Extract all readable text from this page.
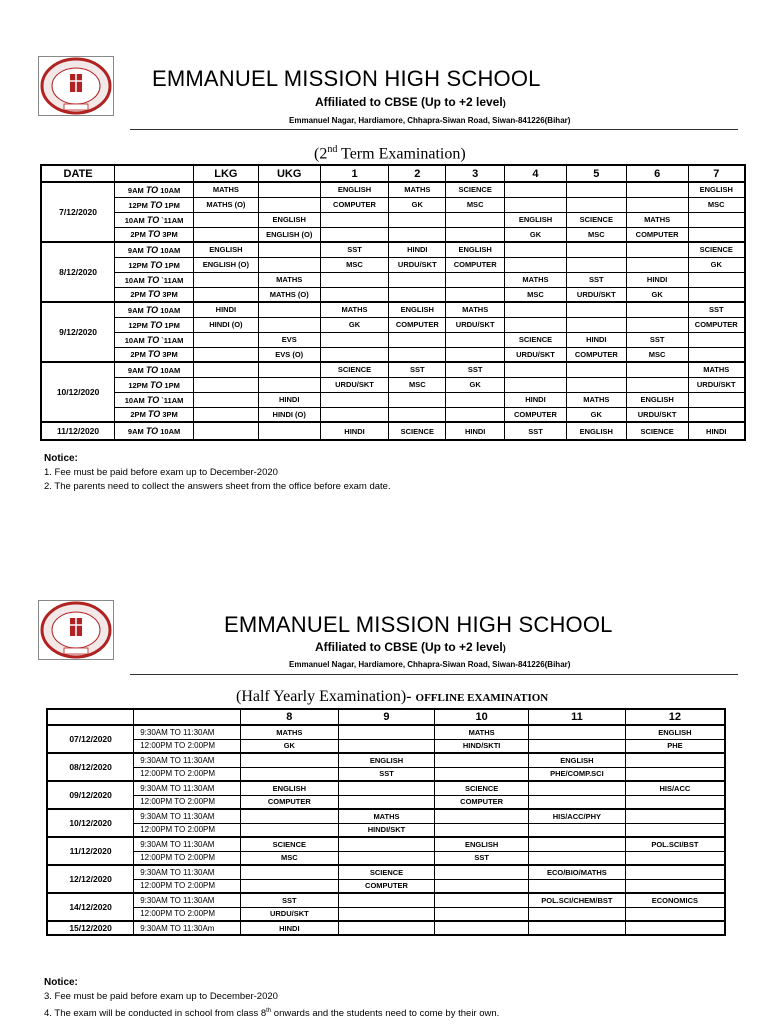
EMMANUEL MISSION HIGH SCHOOL
Affiliated to CBSE (Up to +2 level)
Emmanuel Nagar, Hardiamore, Chhapra-Siwan Road, Siwan-841226(Bihar)
(2nd Term Examination)
DATE		LKG	UKG	1	2	3	4	5	6	7
7/12/2020	9AM TO 10AM	MATHS		ENGLISH	MATHS	SCIENCE				ENGLISH
	12PM TO 1PM	MATHS (O)		COMPUTER	GK	MSC				MSC
	10AM TO `11AM		ENGLISH				ENGLISH	SCIENCE	MATHS	
	2PM TO 3PM		ENGLISH (O)				GK	MSC	COMPUTER	
8/12/2020	9AM TO 10AM	ENGLISH		SST	HINDI	ENGLISH				SCIENCE
	12PM TO 1PM	ENGLISH (O)		MSC	URDU/SKT	COMPUTER				GK
	10AM TO `11AM		MATHS				MATHS	SST	HINDI	
	2PM TO 3PM		MATHS (O)				MSC	URDU/SKT	GK	
9/12/2020	9AM TO 10AM	HINDI		MATHS	ENGLISH	MATHS				SST
	12PM TO 1PM	HINDI (O)		GK	COMPUTER	URDU/SKT				COMPUTER
	10AM TO `11AM		EVS				SCIENCE	HINDI	SST	
	2PM TO 3PM		EVS (O)				URDU/SKT	COMPUTER	MSC	
10/12/2020	9AM TO 10AM			SCIENCE	SST	SST				MATHS
	12PM TO 1PM			URDU/SKT	MSC	GK				URDU/SKT
	10AM TO `11AM		HINDI				HINDI	MATHS	ENGLISH	
	2PM TO 3PM		HINDI (O)				COMPUTER	GK	URDU/SKT	
11/12/2020	9AM TO 10AM			HINDI	SCIENCE	HINDI	SST	ENGLISH	SCIENCE	HINDI
Notice:
1. Fee must be paid before exam up to December-2020
2. The parents need to collect the answers sheet from the office before exam date.
EMMANUEL MISSION HIGH SCHOOL
Affiliated to CBSE (Up to +2 level)
Emmanuel Nagar, Hardiamore, Chhapra-Siwan Road, Siwan-841226(Bihar)
(Half Yearly Examination)- OFFLINE EXAMINATION
		8	9	10	11	12
07/12/2020	9:30AM TO 11:30AM	MATHS		MATHS		ENGLISH
	12:00PM TO 2:00PM	GK		HIND/SKTI		PHE
08/12/2020	9:30AM TO 11:30AM		ENGLISH		ENGLISH	
	12:00PM TO 2:00PM		SST		PHE/COMP.SCI	
09/12/2020	9:30AM TO 11:30AM	ENGLISH		SCIENCE		HIS/ACC
	12:00PM TO 2:00PM	COMPUTER		COMPUTER		
10/12/2020	9:30AM TO 11:30AM		MATHS		HIS/ACC/PHY	
	12:00PM TO 2:00PM		HINDI/SKT			
11/12/2020	9:30AM TO 11:30AM	SCIENCE		ENGLISH		POL.SCI/BST
	12:00PM TO 2:00PM	MSC		SST		
12/12/2020	9:30AM TO 11:30AM		SCIENCE		ECO/BIO/MATHS	
	12:00PM TO 2:00PM		COMPUTER			
14/12/2020	9:30AM TO 11:30AM	SST			POL.SCI/CHEM/BST	ECONOMICS
	12:00PM TO 2:00PM	URDU/SKT				
15/12/2020	9:30AM TO 11:30Am	HINDI				
Notice:
3. Fee must be paid before exam up to December-2020
4. The exam will be conducted in school from class 8th onwards and the students need to come by their own.
